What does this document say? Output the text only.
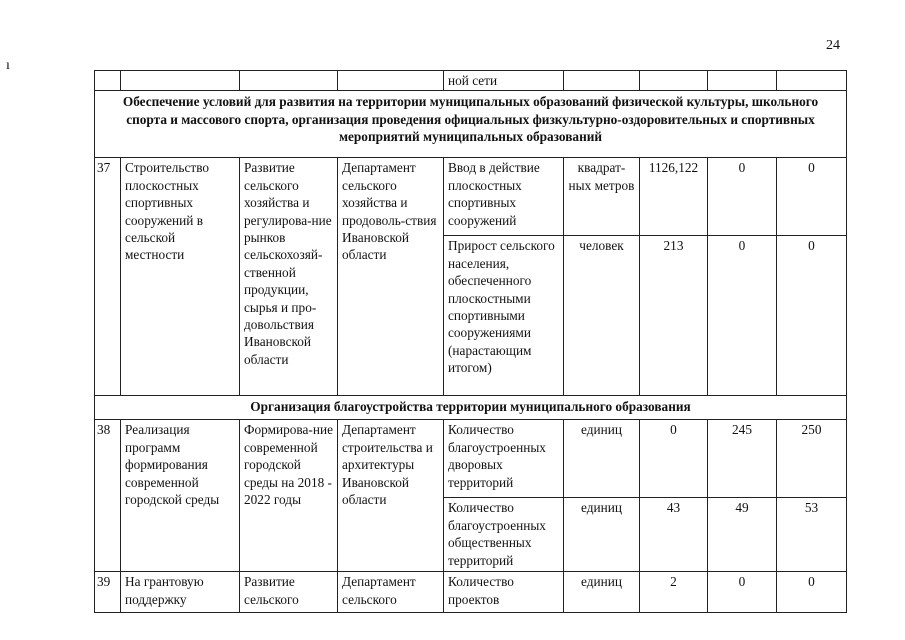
24
ı
				ной сети				
Обеспечение условий для развития на территории муниципальных образований физической культуры, школьного спорта и массового спорта, организация проведения официальных физкультурно-оздоровительных и спортивных мероприятий муниципальных образований								
37	Строительство плоскостных спортивных сооружений в сельской местности	Развитие сельского хозяйства и регулирова-ние рынков сельскохозяй-ственной продукции, сырья и про-довольствия Ивановской области	Департамент сельского хозяйства и продоволь-ствия Ивановской области	Ввод в действие плоскостных спортивных сооружений	квадрат-ных метров	1126,122	0	0
				Прирост сельского населения, обеспеченного плоскостными спортивными сооружениями (нарастающим итогом)	человек	213	0	0
Организация благоустройства территории муниципального образования								
38	Реализация программ формирования современной городской среды	Формирова-ние современной городской среды на 2018 - 2022 годы	Департамент строительства и архитектуры Ивановской области	Количество благоустроенных дворовых территорий	единиц	0	245	250
				Количество благоустроенных общественных территорий	единиц	43	49	53
39	На грантовую поддержку	Развитие сельского	Департамент сельского	Количество проектов	единиц	2	0	0
